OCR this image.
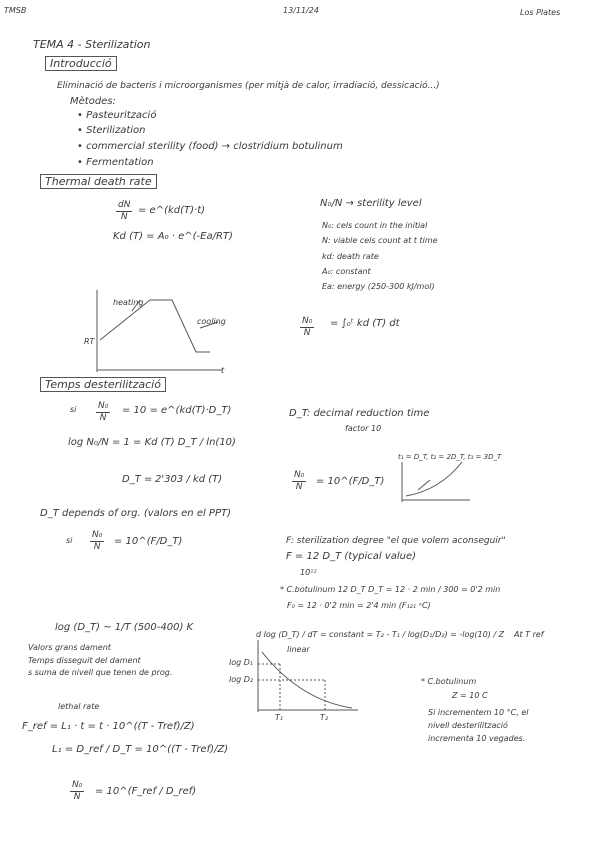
TMSB	13/11/24	Los Plates
TEMA 4 - Sterilization
Introducció
Eliminació de bacteris i microorganismes (per mitjà de calor, irradiació, dessicació...)
Mètodes:
• Pasteurització
• Sterilization
• commercial sterility (food) → clostridium botulinum
• Fermentation
Thermal death rate
$\frac{dN}{N}$ = e^(kd(T)·t)
Kd (T) = A₀ · e^(-Ea/RT)
N₀/N → sterility level
N₀: cels count in the initial
N: viable cels count at t time
kd: death rate
A₀: constant
Ea: energy (250-300 kJ/mol)
$\frac{\text{N₀}}{N}$ = ∫₀ᵗ kd (T) dt
heating
cooling
RT
t
Temps desterilització
si $\frac{\text{N₀}}{N} = 10$ = e^(kd(T)·D_T)
log N₀/N = 1 = Kd (T) D_T / ln(10)
D_T = 2'303 / kd (T)
D_T: decimal reduction time
factor 10
$\frac{\text{N₀}}{N}$ = 10^(F/D_T)
t₁ = D_T, t₂ = 2D_T, t₃ = 3D_T
D_T depends of org. (valors en el PPT)
si $\frac{\text{N₀}}{N}$ = 10^(F/D_T)	F: sterilization degree "el que volem aconseguir"
F = 12 D_T (typical value)
10¹²
* C.botulinum 12 D_T D_T = 12 · 2 min / 300 = 0'2 min
F₀ = 12 · 0'2 min = 2'4 min (F₁₂₁ ᵒC)
log (D_T) ~ 1/T (500-400) K
Valors grans dament
Temps disseguit del dament
s suma de nivell que tenen de prog.
d log (D_T) / dT = constant = T₂ - T₁ / log(D₁/D₂) = -log(10) / Z At T ref
log D₁
log D₂
linear
T₁	T₂
* C.botulinum
Z = 10 C
Si incrementem 10 °C, el
nivell desterilització
incrementa 10 vegades.
lethal rate
F_ref = L₁ · t = t · 10^((T - Tref)/Z)
L₁ = D_ref / D_T = 10^((T - Tref)/Z)
$\frac{\text{N₀}}{N}$ = 10^(F_ref / D_ref)
